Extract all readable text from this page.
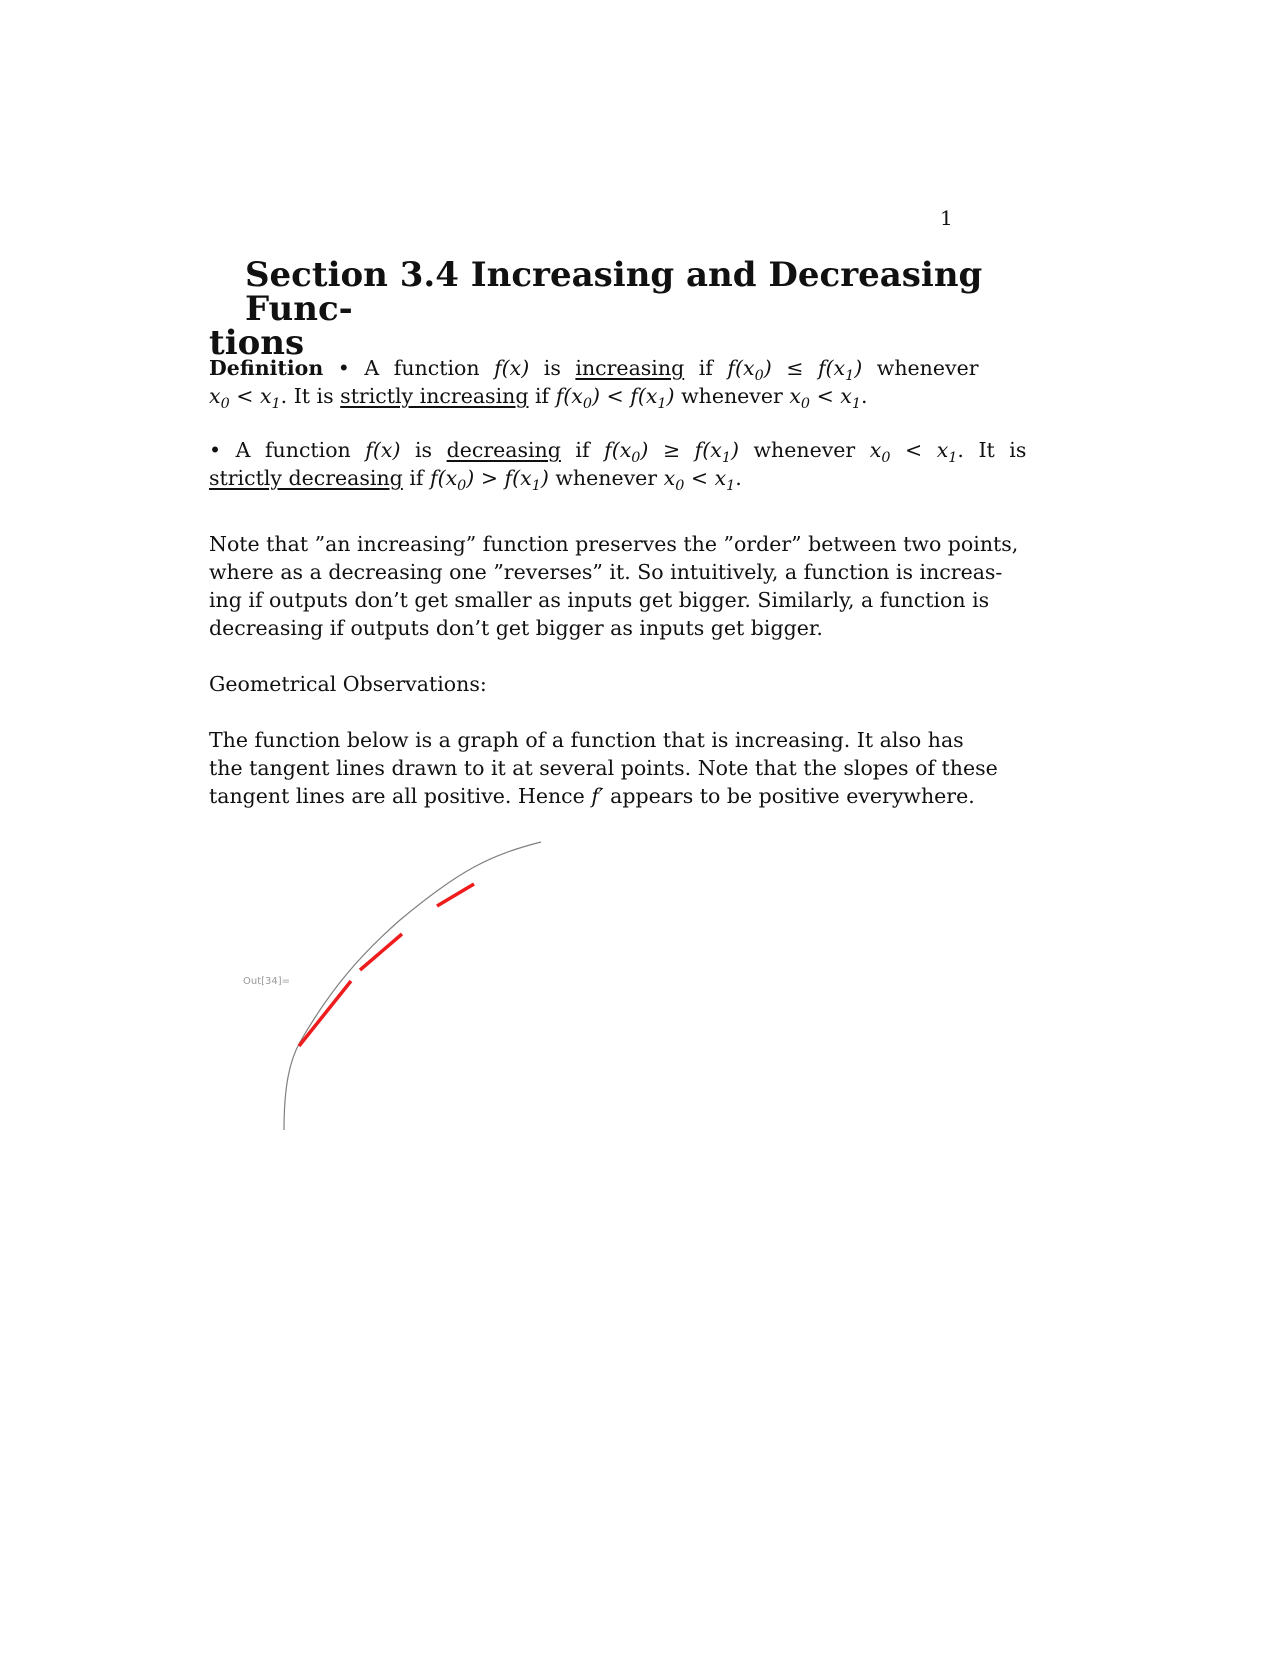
1
Section 3.4 Increasing and Decreasing Func-
tions
Definition • A function f(x) is increasing if $f(x_0) \le f(x_1)$ whenever
$x_0 < x_1$. It is strictly increasing if $f(x_0) < f(x_1)$ whenever $x_0 < x_1$.
• A function f(x) is decreasing if $f(x_0) \ge f(x_1)$ whenever $x_0 < x_1$. It is
strictly decreasing if $f(x_0) > f(x_1)$ whenever $x_0 < x_1$.
Note that ”an increasing” function preserves the ”order” between two points,
where as a decreasing one ”reverses” it. So intuitively, a function is increas-
ing if outputs don’t get smaller as inputs get bigger. Similarly, a function is
decreasing if outputs don’t get bigger as inputs get bigger.
Geometrical Observations:
The function below is a graph of a function that is increasing. It also has
the tangent lines drawn to it at several points. Note that the slopes of these
tangent lines are all positive. Hence f′ appears to be positive everywhere.
Out[34]=
